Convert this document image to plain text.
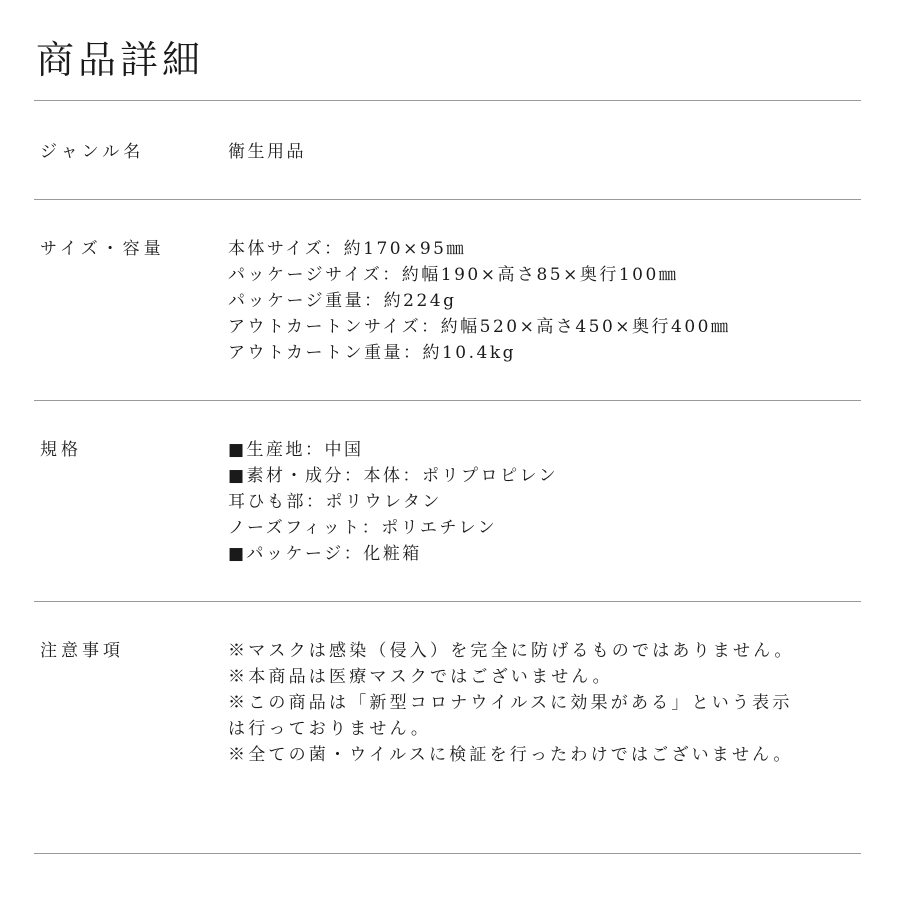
商品詳細
ジャンル名	衛生用品
サイズ・容量	本体サイズ：約170×95㎜
パッケージサイズ：約幅190×高さ85×奥行100㎜
パッケージ重量：約224g
アウトカートンサイズ：約幅520×高さ450×奥行400㎜
アウトカートン重量：約10.4kg
規格	■生産地：中国
■素材・成分：本体：ポリプロピレン
耳ひも部：ポリウレタン
ノーズフィット：ポリエチレン
■パッケージ：化粧箱
注意事項	※マスクは感染（侵入）を完全に防げるものではありません。
※本商品は医療マスクではございません。
※この商品は「新型コロナウイルスに効果がある」という表示
は行っておりません。
※全ての菌・ウイルスに検証を行ったわけではございません。
